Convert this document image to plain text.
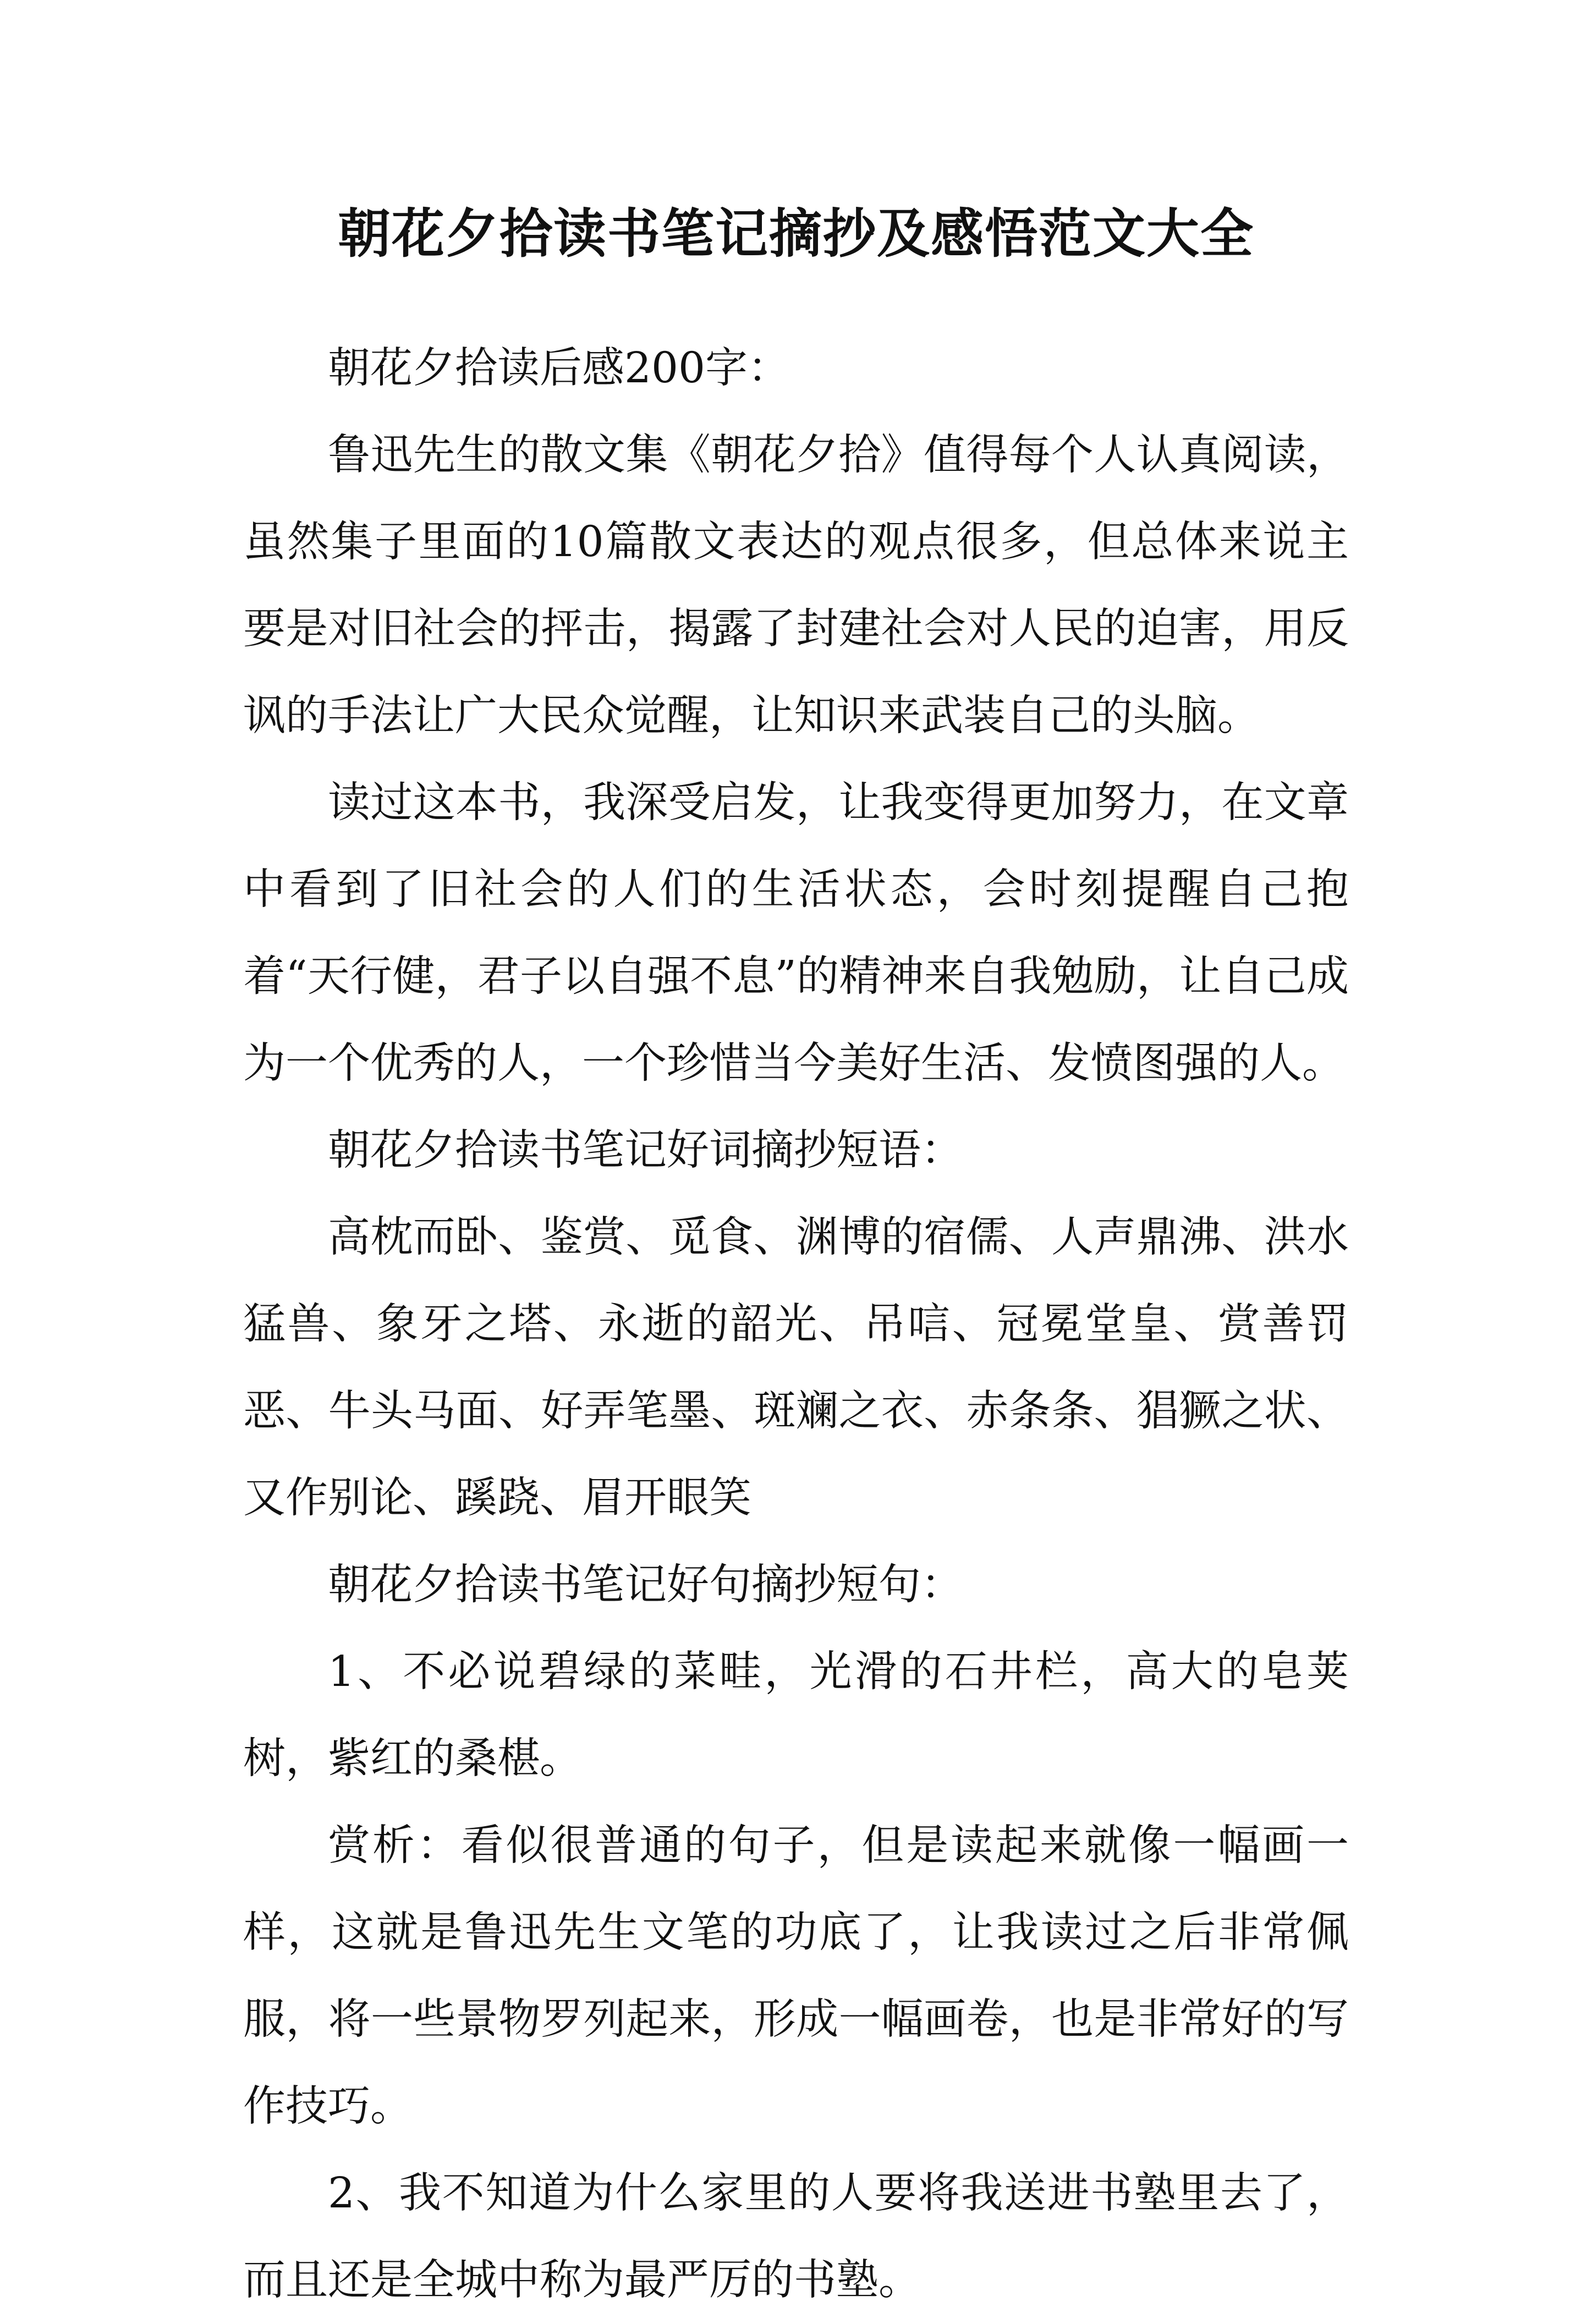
朝花夕拾读书笔记摘抄及感悟范文大全

朝花夕拾读后感200字：

鲁迅先生的散文集《朝花夕拾》值得每个人认真阅读，虽然集子里面的10篇散文表达的观点很多，但总体来说主要是对旧社会的抨击，揭露了封建社会对人民的迫害，用反讽的手法让广大民众觉醒，让知识来武装自己的头脑。

读过这本书，我深受启发，让我变得更加努力，在文章中看到了旧社会的人们的生活状态，会时刻提醒自己抱着“天行健，君子以自强不息”的精神来自我勉励，让自己成为一个优秀的人，一个珍惜当今美好生活、发愤图强的人。

朝花夕拾读书笔记好词摘抄短语：

高枕而卧、鉴赏、觅食、渊博的宿儒、人声鼎沸、洪水猛兽、象牙之塔、永逝的韶光、吊唁、冠冕堂皇、赏善罚恶、牛头马面、好弄笔墨、斑斓之衣、赤条条、猖獗之状、又作别论、蹊跷、眉开眼笑

朝花夕拾读书笔记好句摘抄短句：

1、不必说碧绿的菜畦，光滑的石井栏，高大的皂荚树，紫红的桑椹。

赏析：看似很普通的句子，但是读起来就像一幅画一样，这就是鲁迅先生文笔的功底了，让我读过之后非常佩服，将一些景物罗列起来，形成一幅画卷，也是非常好的写作技巧。

2、我不知道为什么家里的人要将我送进书塾里去了，而且还是全城中称为最严厉的书塾。
